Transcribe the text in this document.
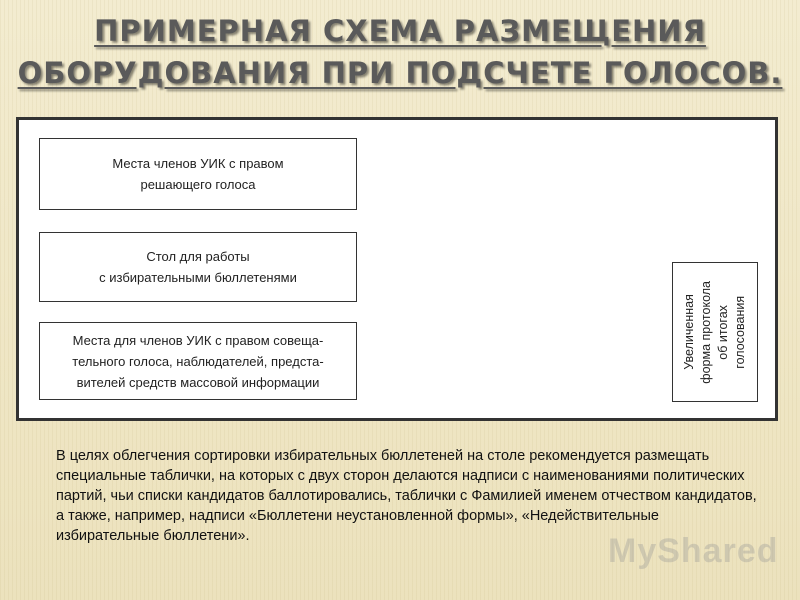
ПРИМЕРНАЯ СХЕМА РАЗМЕЩЕНИЯ
ОБОРУДОВАНИЯ ПРИ ПОДСЧЕТЕ ГОЛОСОВ.
Места членов УИК с правом
решающего голоса
Стол для работы
с избирательными бюллетенями
Места для членов УИК с правом совеща-
тельного голоса, наблюдателей, предста-
вителей средств массовой информации
Увеличенная
форма протокола
об итогах
голосования
В целях облегчения сортировки избирательных бюллетеней на столе рекомендуется размещать специальные таблички, на которых с двух сторон делаются надписи с наименованиями политических партий, чьи списки кандидатов баллотировались, таблички с Фамилией именем отчеством кандидатов, а также, например, надписи «Бюллетени неустановленной формы», «Недействительные избирательные бюллетени».	MyShared
